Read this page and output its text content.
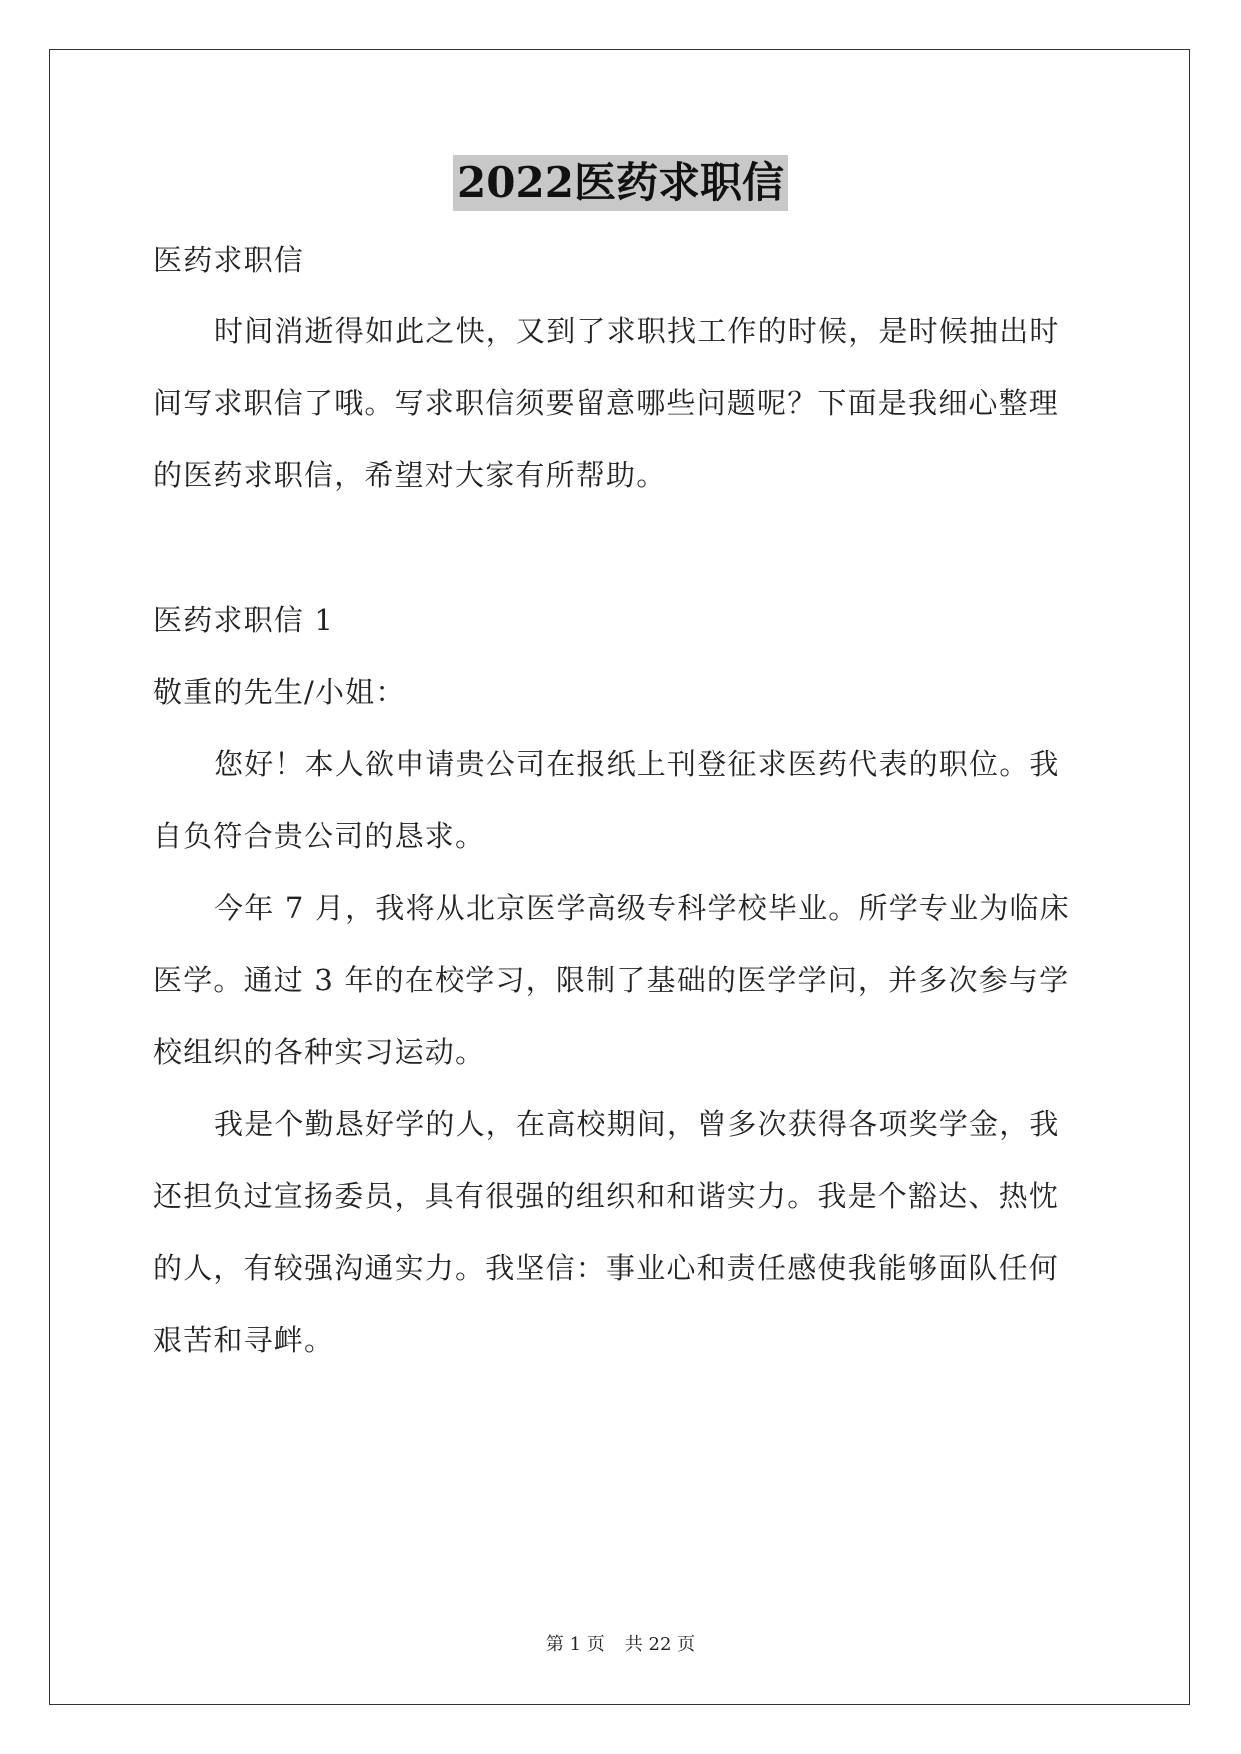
2022医药求职信
医药求职信
时间消逝得如此之快，又到了求职找工作的时候，是时候抽出时
间写求职信了哦。写求职信须要留意哪些问题呢？下面是我细心整理
的医药求职信，希望对大家有所帮助。
医药求职信 1
敬重的先生/小姐：
您好！本人欲申请贵公司在报纸上刊登征求医药代表的职位。我
自负符合贵公司的恳求。
今年 7 月，我将从北京医学高级专科学校毕业。所学专业为临床
医学。通过 3 年的在校学习，限制了基础的医学学问，并多次参与学
校组织的各种实习运动。
我是个勤恳好学的人，在高校期间，曾多次获得各项奖学金，我
还担负过宣扬委员，具有很强的组织和和谐实力。我是个豁达、热忱
的人，有较强沟通实力。我坚信：事业心和责任感使我能够面队任何
艰苦和寻衅。
第 1 页 共 22 页
